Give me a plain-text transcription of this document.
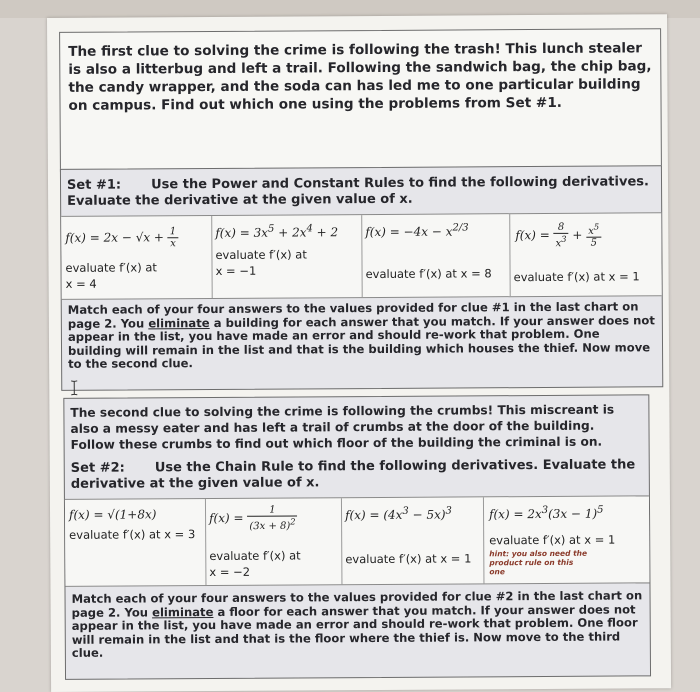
The first clue to solving the crime is following the trash! This lunch stealer is also a litterbug and left a trail. Following the sandwich bag, the chip bag, the candy wrapper, and the soda can has led me to one particular building on campus. Find out which one using the problems from Set #1.

Set #1: Use the Power and Constant Rules to find the following derivatives. Evaluate the derivative at the given value of x.
$f(x) = 2x - √x + \frac{1}{x}$
evaluate f′(x) at
x = 4
$f(x) = 3x^5 + 2x^4 + 2$
evaluate f′(x) at
x = −1
$f(x) = -4x - x^{2/3}$
evaluate f′(x) at x = 8
$f(x) = \frac{8}{x^3} + \frac{x^5}{5}$
evaluate f′(x) at x = 1
Match each of your four answers to the values provided for clue #1 in the last chart on page 2. You eliminate a building for each answer that you match. If your answer does not appear in the list, you have made an error and should re-work that problem. One building will remain in the list and that is the building which houses the thief. Now move to the second clue.
The second clue to solving the crime is following the crumbs! This miscreant is also a messy eater and has left a trail of crumbs at the door of the building. Follow these crumbs to find out which floor of the building the criminal is on.
Set #2: Use the Chain Rule to find the following derivatives. Evaluate the derivative at the given value of x.
f(x) = √(1+8x)
evaluate f′(x) at x = 3
$f(x) = \frac{1}{(3x + 8)^2}$
evaluate f′(x) at
x = −2
$f(x) = (4x^3 - 5x)^3$
evaluate f′(x) at x = 1
$f(x) = 2x^3(3x - 1)^5$
evaluate f′(x) at x = 1
hint: you also need the product rule on this one
Match each of your four answers to the values provided for clue #2 in the last chart on page 2. You eliminate a floor for each answer that you match. If your answer does not appear in the list, you have made an error and should re-work that problem. One floor will remain in the list and that is the floor where the thief is. Now move to the third clue.
